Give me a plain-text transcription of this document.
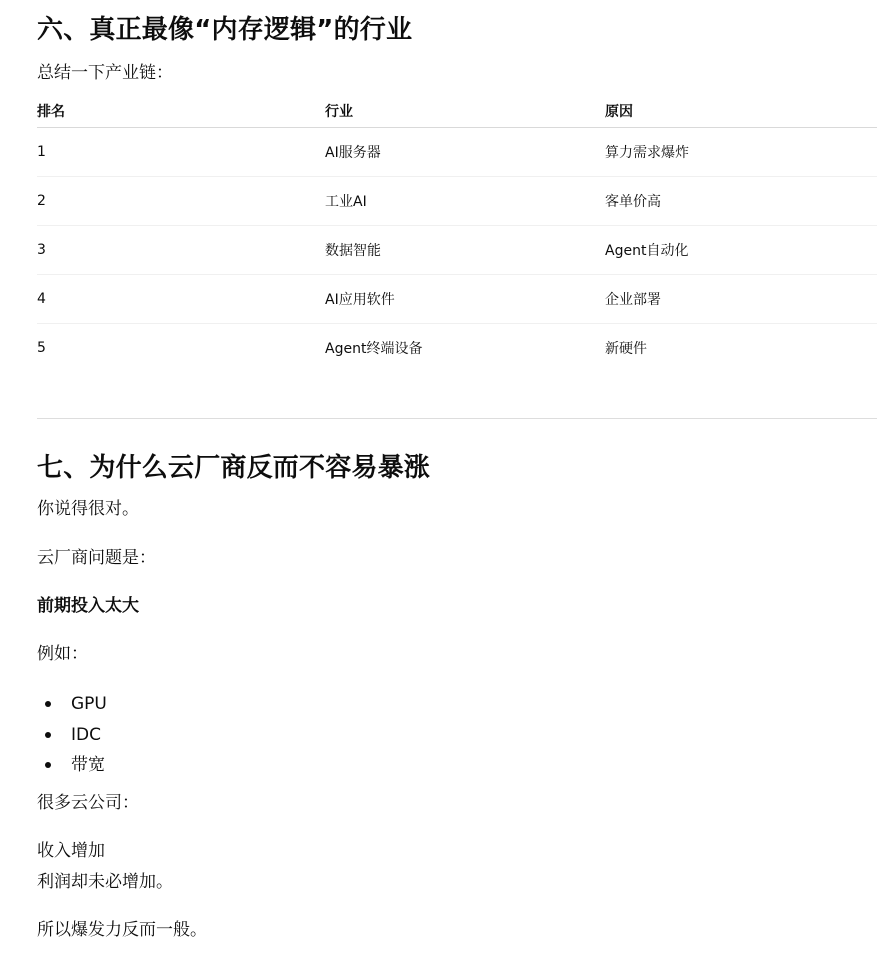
六、真正最像“内存逻辑”的行业
总结一下产业链：
排名	行业	原因
1	AI服务器	算力需求爆炸
2	工业AI	客单价高
3	数据智能	Agent自动化
4	AI应用软件	企业部署
5	Agent终端设备	新硬件
七、为什么云厂商反而不容易暴涨
你说得很对。
云厂商问题是：
前期投入太大
例如：
GPU
IDC
带宽
很多云公司：
收入增加
利润却未必增加。
所以爆发力反而一般。
